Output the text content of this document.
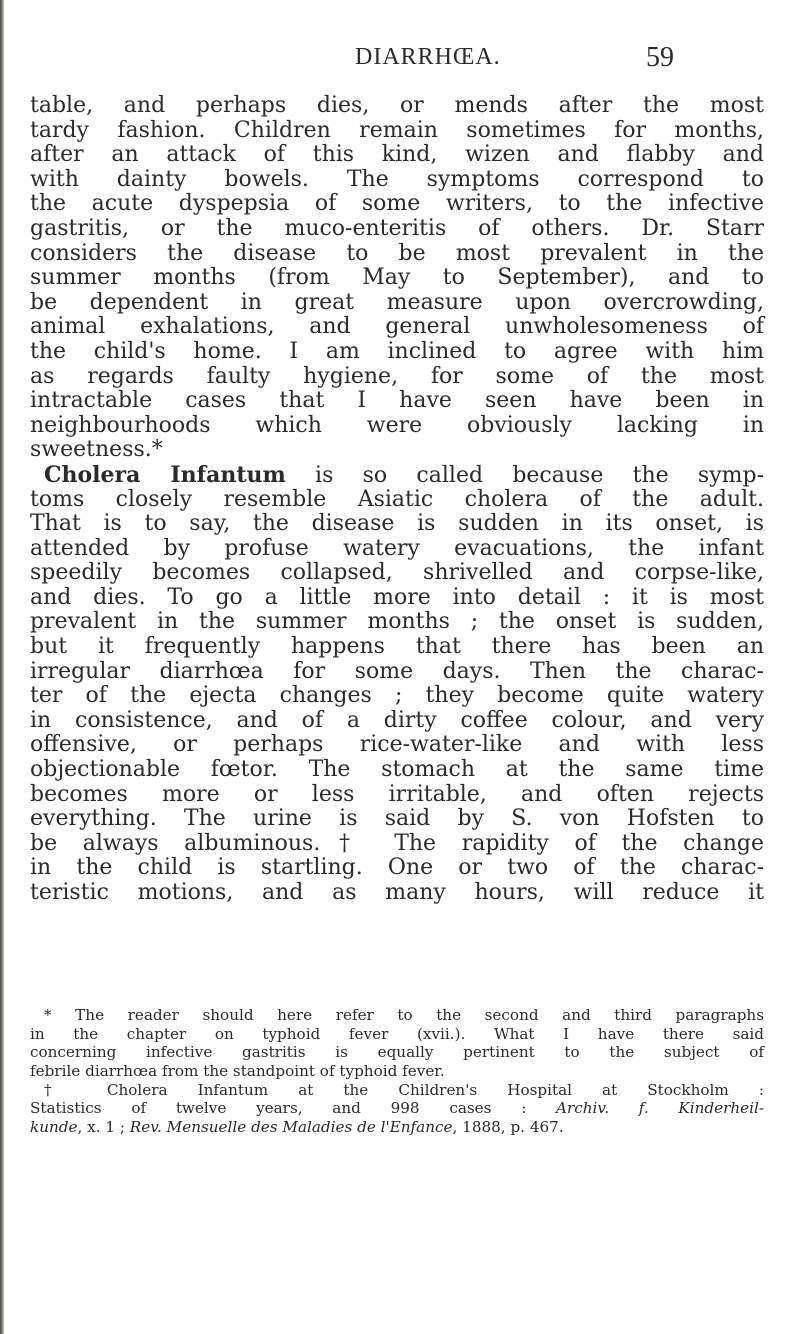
DIARRHŒA.	59
table, and perhaps dies, or mends after the most
tardy fashion. Children remain sometimes for months,
after an attack of this kind, wizen and flabby and
with dainty bowels. The symptoms correspond to
the acute dyspepsia of some writers, to the infective
gastritis, or the muco-enteritis of others. Dr. Starr
considers the disease to be most prevalent in the
summer months (from May to September), and to
be dependent in great measure upon overcrowding,
animal exhalations, and general unwholesomeness of
the child's home. I am inclined to agree with him
as regards faulty hygiene, for some of the most
intractable cases that I have seen have been in
neighbourhoods which were obviously lacking in
sweetness.*
Cholera Infantum is so called because the symp-
toms closely resemble Asiatic cholera of the adult.
That is to say, the disease is sudden in its onset, is
attended by profuse watery evacuations, the infant
speedily becomes collapsed, shrivelled and corpse-like,
and dies. To go a little more into detail : it is most
prevalent in the summer months ; the onset is sudden,
but it frequently happens that there has been an
irregular diarrhœa for some days. Then the charac-
ter of the ejecta changes ; they become quite watery
in consistence, and of a dirty coffee colour, and very
offensive, or perhaps rice-water-like and with less
objectionable fœtor. The stomach at the same time
becomes more or less irritable, and often rejects
everything. The urine is said by S. von Hofsten to
be always albuminous.† The rapidity of the change
in the child is startling. One or two of the charac-
teristic motions, and as many hours, will reduce it
* The reader should here refer to the second and third paragraphs
in the chapter on typhoid fever (xvii.). What I have there said
concerning infective gastritis is equally pertinent to the subject of
febrile diarrhœa from the standpoint of typhoid fever.
† Cholera Infantum at the Children's Hospital at Stockholm :
Statistics of twelve years, and 998 cases : Archiv. f. Kinderheil-
kunde, x. 1 ; Rev. Mensuelle des Maladies de l'Enfance, 1888, p. 467.
